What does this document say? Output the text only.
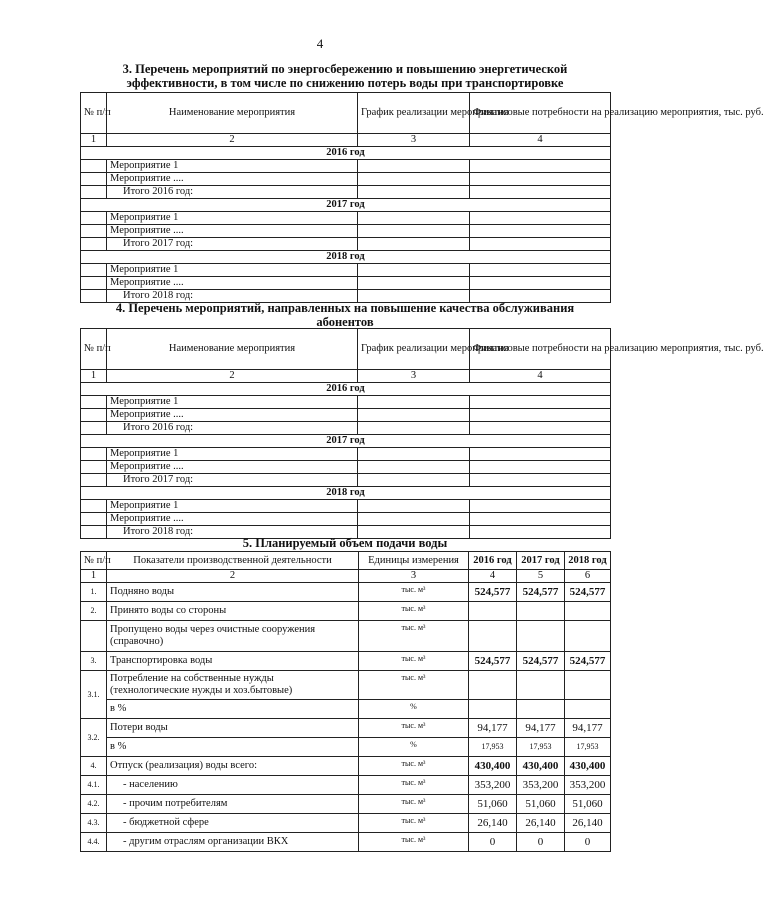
4
3. Перечень мероприятий по энергосбережению и повышению энергетической
эффективности, в том числе по снижению потерь воды при транспортировке
№ п/п	Наименование мероприятия	График реализации мероприятия	Финансовые потребности на реализацию мероприятия, тыс. руб.
1	2	3	4
2016 год			
	Мероприятие 1		
	Мероприятие ....		
	Итого 2016 год:		
2017 год			
	Мероприятие 1		
	Мероприятие ....		
	Итого 2017 год:		
2018 год			
	Мероприятие 1		
	Мероприятие ....		
	Итого 2018 год:		
4. Перечень мероприятий, направленных на повышение качества обслуживания
абонентов
№ п/п	Наименование мероприятия	График реализации мероприятия	Финансовые потребности на реализацию мероприятия, тыс. руб.
1	2	3	4
2016 год			
	Мероприятие 1		
	Мероприятие ....		
	Итого 2016 год:		
2017 год			
	Мероприятие 1		
	Мероприятие ....		
	Итого 2017 год:		
2018 год			
	Мероприятие 1		
	Мероприятие ....		
	Итого 2018 год:		
5. Планируемый объем подачи воды
№ п/п	Показатели производственной деятельности	Единицы измерения	2016 год	2017 год	2018 год
1	2	3	4	5	6
1.	Подняно воды	тыс. м³	524,577	524,577	524,577
2.	Принято воды со стороны	тыс. м³			
	Пропущено воды через очистные сооружения (справочно)	тыс. м³			
3.	Транспортировка воды	тыс. м³	524,577	524,577	524,577
3.1.	Потребление на собственные нужды (технологические нужды и хоз.бытовые)	тыс. м³			
	в %	%			
3.2.	Потери воды	тыс. м³	94,177	94,177	94,177
	в %	%	17,953	17,953	17,953
4.	Отпуск (реализация) воды всего:	тыс. м³	430,400	430,400	430,400
4.1.	- населению	тыс. м³	353,200	353,200	353,200
4.2.	- прочим потребителям	тыс. м³	51,060	51,060	51,060
4.3.	- бюджетной сфере	тыс. м³	26,140	26,140	26,140
4.4.	- другим отраслям организации ВКХ	тыс. м³	0	0	0
